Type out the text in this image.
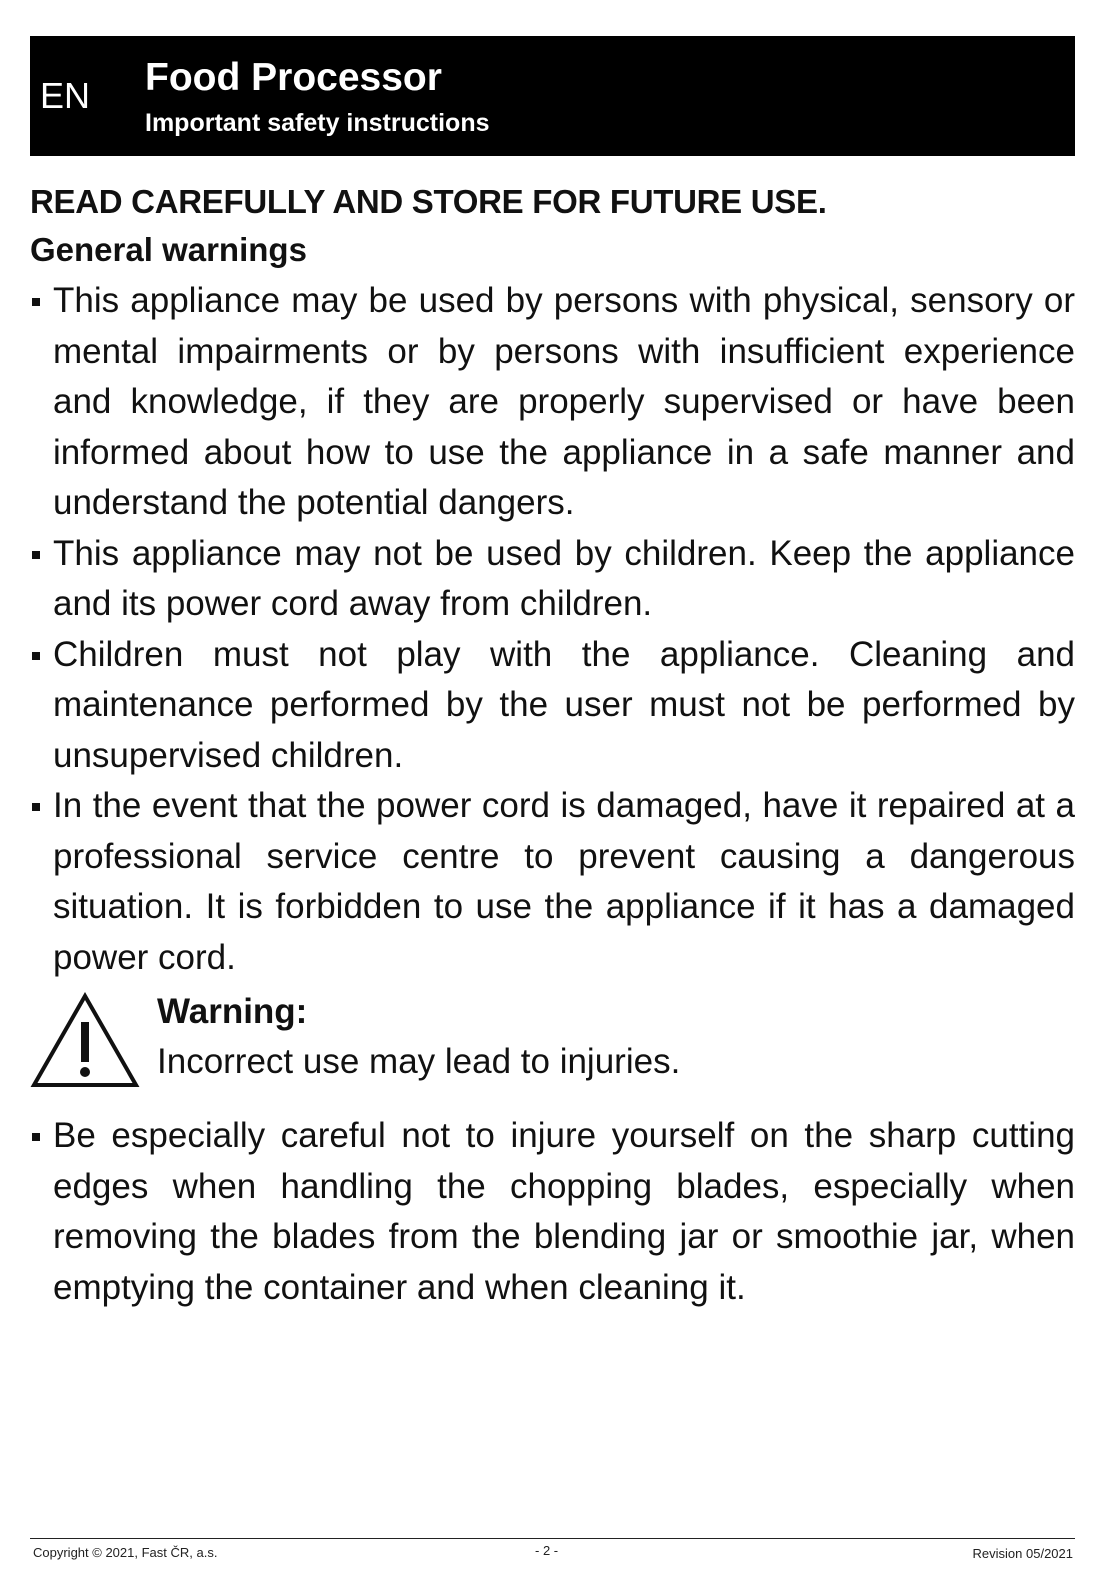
EN Food Processor
Important safety instructions

READ CAREFULLY AND STORE FOR FUTURE USE.

General warnings

This appliance may be used by persons with physical, sensory or mental impairments or by persons with insufficient experience and knowledge, if they are properly supervised or have been informed about how to use the appliance in a safe manner and understand the potential dangers.
This appliance may not be used by children. Keep the appliance and its power cord away from children.
Children must not play with the appliance. Cleaning and maintenance performed by the user must not be performed by unsupervised children.
In the event that the power cord is damaged, have it repaired at a professional service centre to prevent causing a dangerous situation. It is forbidden to use the appliance if it has a damaged power cord.
Warning:
Incorrect use may lead to injuries.
Be especially careful not to injure yourself on the sharp cutting edges when handling the chopping blades, especially when removing the blades from the blending jar or smoothie jar, when emptying the container and when cleaning it.
Copyright © 2021, Fast ČR, a.s.	- 2 -	Revision 05/2021
